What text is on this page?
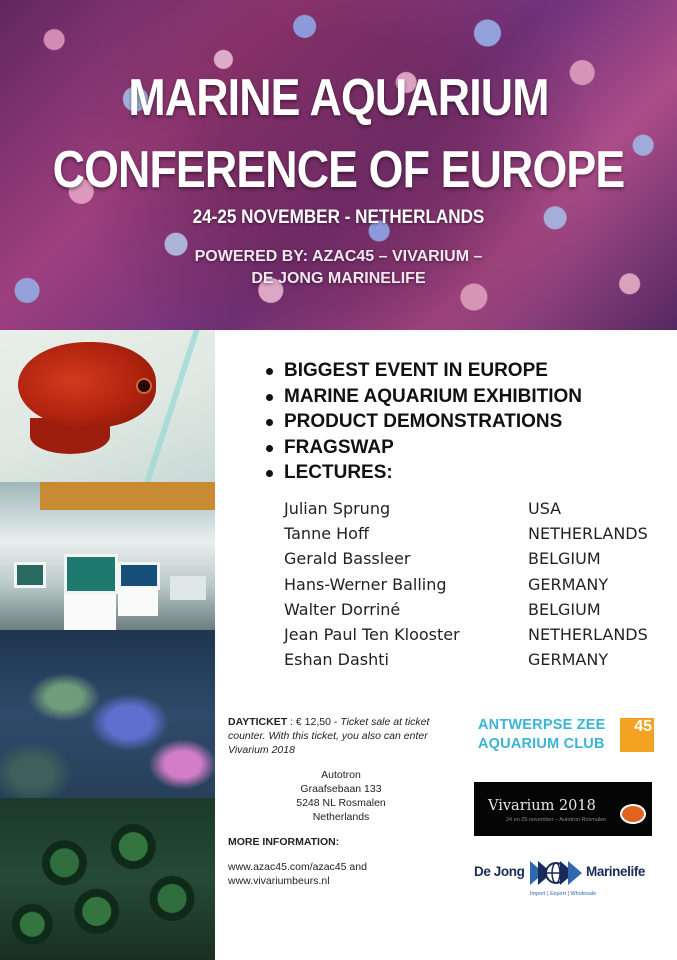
MARINE AQUARIUM
CONFERENCE OF EUROPE
24-25 NOVEMBER - NETHERLANDS
POWERED BY: AZAC45 – VIVARIUM –
DE JONG MARINELIFE
BIGGEST EVENT IN EUROPE
MARINE AQUARIUM EXHIBITION
PRODUCT DEMONSTRATIONS
FRAGSWAP
LECTURES:
Julian Sprung	USA
Tanne Hoff	NETHERLANDS
Gerald Bassleer	BELGIUM
Hans-Werner Balling	GERMANY
Walter Dorriné	BELGIUM
Jean Paul Ten Klooster	NETHERLANDS
Eshan Dashti	GERMANY
DAYTICKET : € 12,50 - Ticket sale at ticket counter. With this ticket, you also can enter Vivarium 2018
Autotron
Graafsebaan 133
5248 NL Rosmalen
Netherlands
MORE INFORMATION:
www.azac45.com/azac45 and www.vivariumbeurs.nl
ANTWERPSE ZEE
AQUARIUM CLUB
45
Vivarium 2018
24 en 25 november – Autotron Rosmalen
De Jong	Marinelife
Import | Export | Wholesale
